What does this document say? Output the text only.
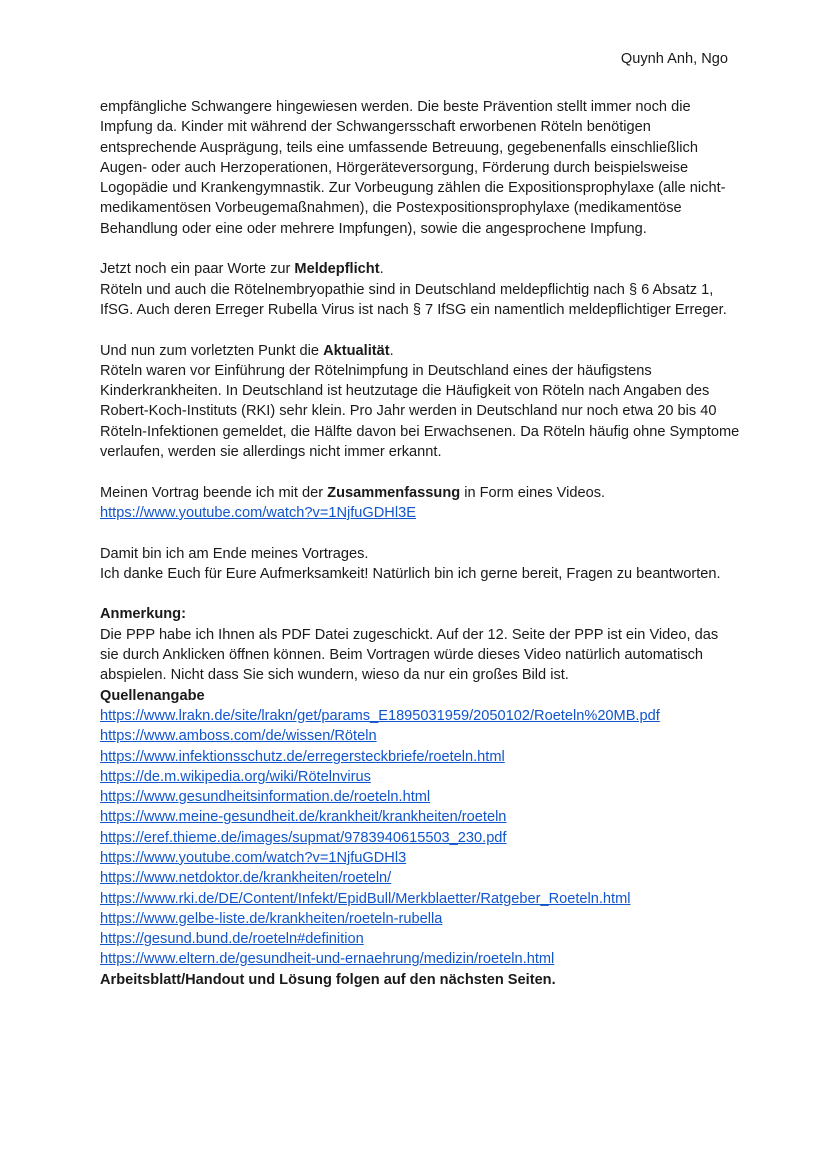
Quynh Anh, Ngo

empfängliche Schwangere hingewiesen werden. Die beste Prävention stellt immer noch die Impfung da. Kinder mit während der Schwangersschaft erworbenen Röteln benötigen entsprechende Ausprägung, teils eine umfassende Betreuung, gegebenenfalls einschließlich Augen- oder auch Herzoperationen, Hörgeräteversorgung, Förderung durch beispielsweise Logopädie und Krankengymnastik. Zur Vorbeugung zählen die Expositionsprophylaxe (alle nicht-medikamentösen Vorbeugemaßnahmen), die Postexpositionsprophylaxe (medikamentöse Behandlung oder eine oder mehrere Impfungen), sowie die angesprochene Impfung.

Jetzt noch ein paar Worte zur Meldepflicht.

Röteln und auch die Rötelnembryopathie sind in Deutschland meldepflichtig nach § 6 Absatz 1, IfSG. Auch deren Erreger Rubella Virus ist nach § 7 IfSG ein namentlich meldepflichtiger Erreger.

Und nun zum vorletzten Punkt die Aktualität.

Röteln waren vor Einführung der Rötelnimpfung in Deutschland eines der häufigstens Kinderkrankheiten. In Deutschland ist heutzutage die Häufigkeit von Röteln nach Angaben des Robert-Koch-Instituts (RKI) sehr klein. Pro Jahr werden in Deutschland nur noch etwa 20 bis 40 Röteln-Infektionen gemeldet, die Hälfte davon bei Erwachsenen. Da Röteln häufig ohne Symptome verlaufen, werden sie allerdings nicht immer erkannt.

Meinen Vortrag beende ich mit der Zusammenfassung in Form eines Videos.

https://www.youtube.com/watch?v=1NjfuGDHl3E

Damit bin ich am Ende meines Vortrages.

Ich danke Euch für Eure Aufmerksamkeit! Natürlich bin ich gerne bereit, Fragen zu beantworten.

Anmerkung:

Die PPP habe ich Ihnen als PDF Datei zugeschickt. Auf der 12. Seite der PPP ist ein Video, das sie durch Anklicken öffnen können. Beim Vortragen würde dieses Video natürlich automatisch abspielen. Nicht dass Sie sich wundern, wieso da nur ein großes Bild ist.

Quellenangabe

https://www.lrakn.de/site/lrakn/get/params_E1895031959/2050102/Roeteln%20MB.pdf
https://www.amboss.com/de/wissen/Röteln
https://www.infektionsschutz.de/erregersteckbriefe/roeteln.html
https://de.m.wikipedia.org/wiki/Rötelnvirus
https://www.gesundheitsinformation.de/roeteln.html
https://www.meine-gesundheit.de/krankheit/krankheiten/roeteln
https://eref.thieme.de/images/supmat/9783940615503_230.pdf
https://www.youtube.com/watch?v=1NjfuGDHl3
https://www.netdoktor.de/krankheiten/roeteln/
https://www.rki.de/DE/Content/Infekt/EpidBull/Merkblaetter/Ratgeber_Roeteln.html
https://www.gelbe-liste.de/krankheiten/roeteln-rubella
https://gesund.bund.de/roeteln#definition
https://www.eltern.de/gesundheit-und-ernaehrung/medizin/roeteln.html

Arbeitsblatt/Handout und Lösung folgen auf den nächsten Seiten.
